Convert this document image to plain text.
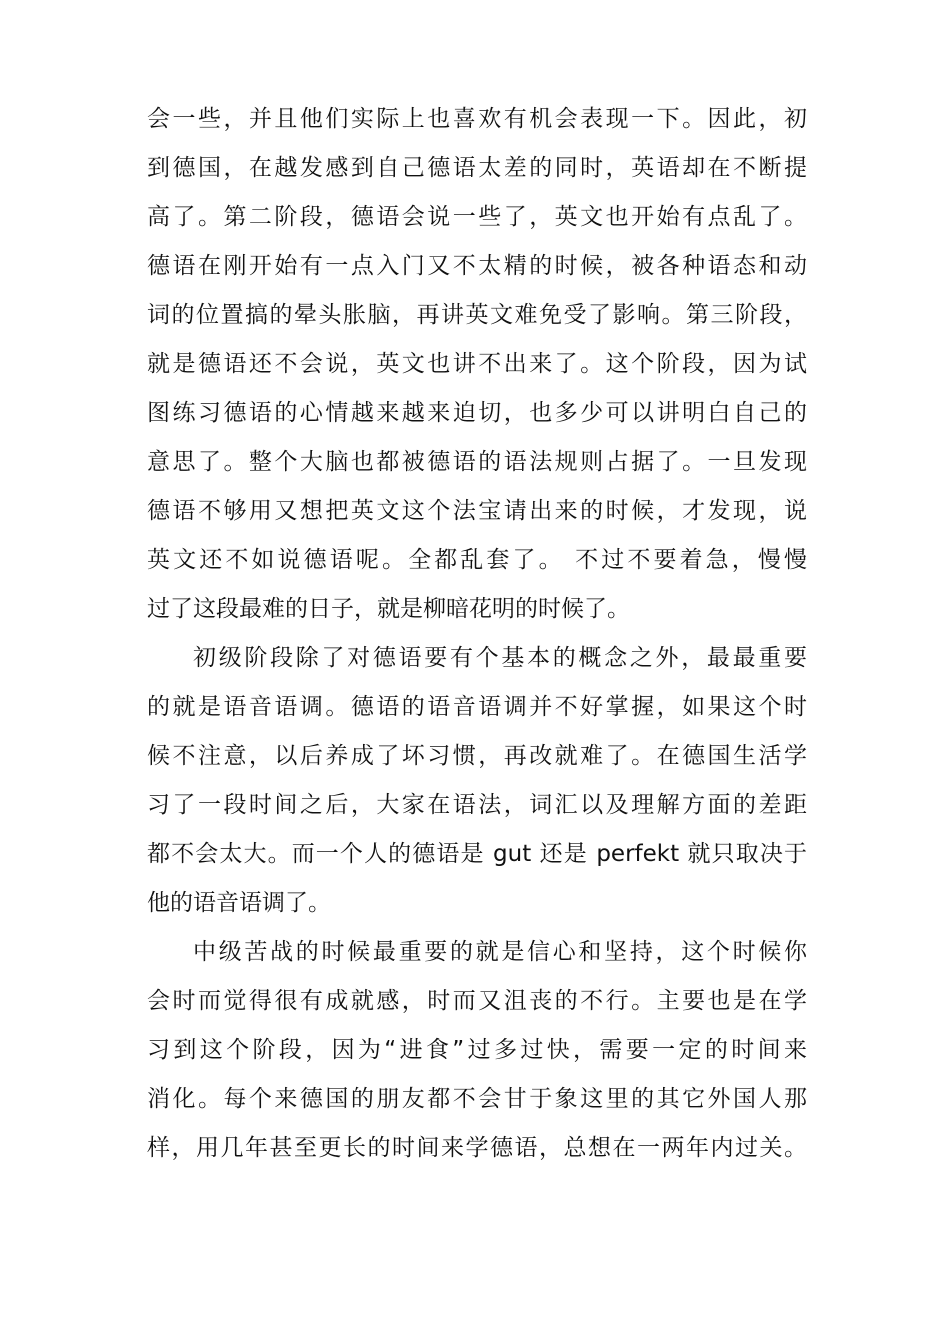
会一些，并且他们实际上也喜欢有机会表现一下。因此，初
到德国，在越发感到自己德语太差的同时，英语却在不断提
高了。第二阶段，德语会说一些了，英文也开始有点乱了。
德语在刚开始有一点入门又不太精的时候，被各种语态和动
词的位置搞的晕头胀脑，再讲英文难免受了影响。第三阶段，
就是德语还不会说，英文也讲不出来了。这个阶段，因为试
图练习德语的心情越来越来迫切，也多少可以讲明白自己的
意思了。整个大脑也都被德语的语法规则占据了。一旦发现
德语不够用又想把英文这个法宝请出来的时候，才发现，说
英文还不如说德语呢。全都乱套了。 不过不要着急，慢慢
过了这段最难的日子，就是柳暗花明的时候了。
初级阶段除了对德语要有个基本的概念之外，最最重要
的就是语音语调。德语的语音语调并不好掌握，如果这个时
候不注意，以后养成了坏习惯，再改就难了。在德国生活学
习了一段时间之后，大家在语法，词汇以及理解方面的差距
都不会太大。而一个人的德语是 gut 还是 perfekt 就只取决于
他的语音语调了。
中级苦战的时候最重要的就是信心和坚持，这个时候你
会时而觉得很有成就感，时而又沮丧的不行。主要也是在学
习到这个阶段，因为“进食”过多过快，需要一定的时间来
消化。每个来德国的朋友都不会甘于象这里的其它外国人那
样，用几年甚至更长的时间来学德语，总想在一两年内过关。
